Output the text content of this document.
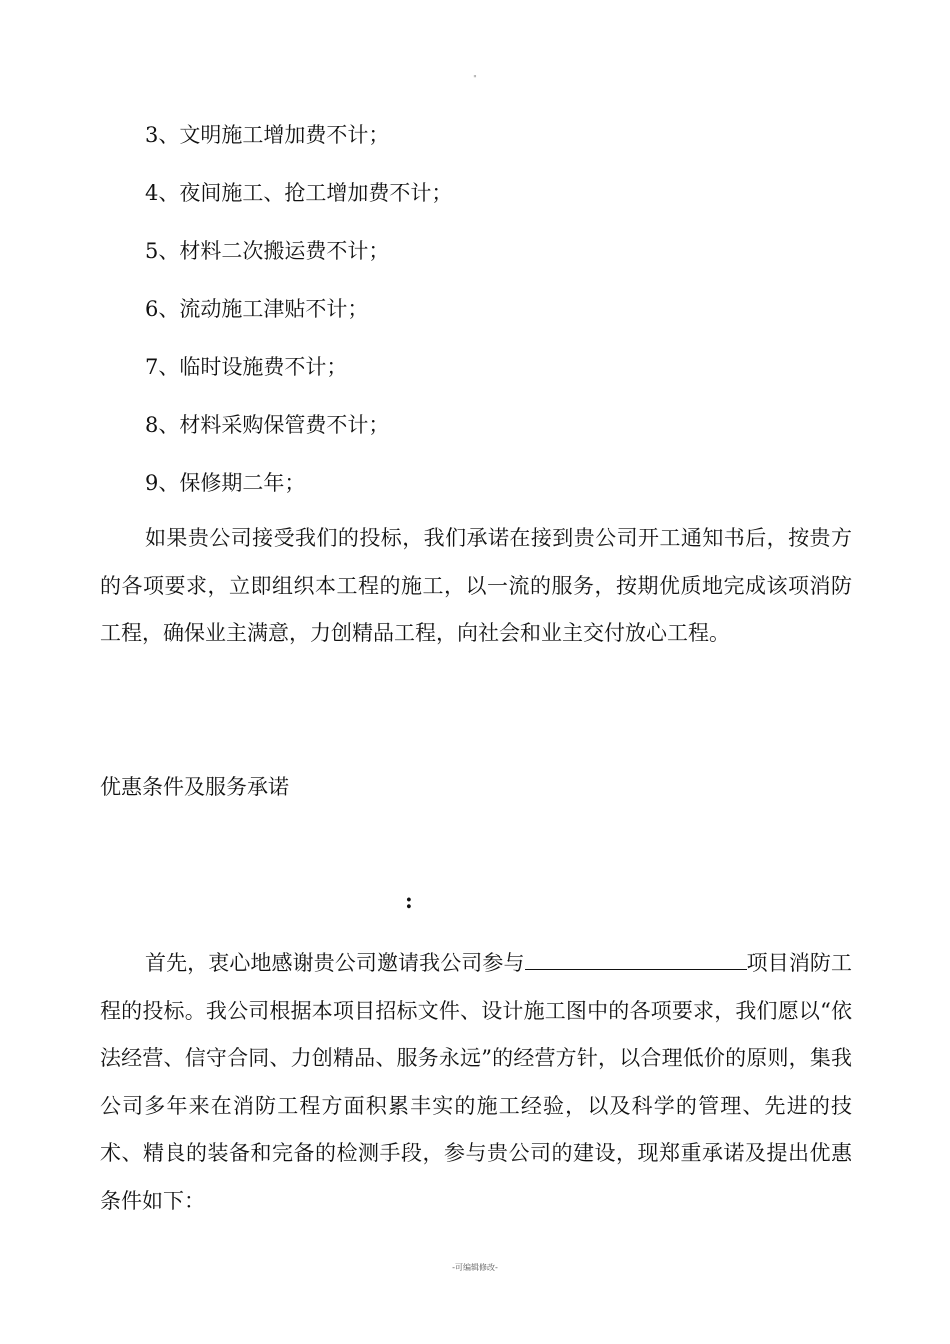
"
3、文明施工增加费不计；
4、夜间施工、抢工增加费不计；
5、材料二次搬运费不计；
6、流动施工津贴不计；
7、临时设施费不计；
8、材料采购保管费不计；
9、保修期二年；
如果贵公司接受我们的投标，我们承诺在接到贵公司开工通知书后，按贵方的各项要求，立即组织本工程的施工，以一流的服务，按期优质地完成该项消防工程，确保业主满意，力创精品工程，向社会和业主交付放心工程。
优惠条件及服务承诺
:
首先，衷心地感谢贵公司邀请我公司参与	项目消防工程的投标。我公司根据本项目招标文件、设计施工图中的各项要求，我们愿以“依法经营、信守合同、力创精品、服务永远”的经营方针，以合理低价的原则，集我公司多年来在消防工程方面积累丰实的施工经验，以及科学的管理、先进的技术、精良的装备和完备的检测手段，参与贵公司的建设，现郑重承诺及提出优惠条件如下：
-可编辑修改-
